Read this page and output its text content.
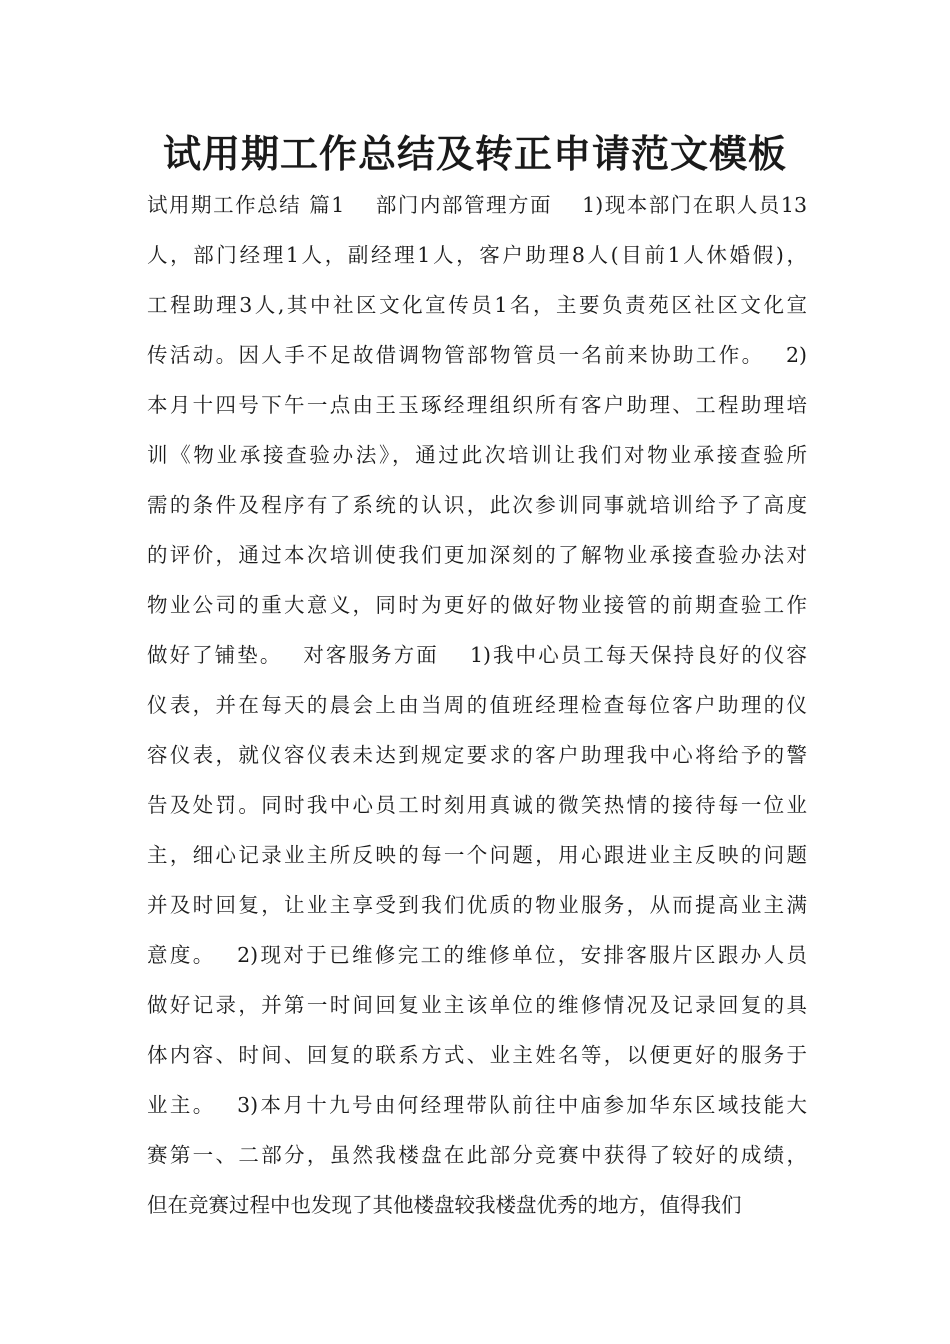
试用期工作总结及转正申请范文模板
试用期工作总结 篇1　 部门内部管理方面　 1)现本部门在职人员13
人，部门经理1人，副经理1人，客户助理8人(目前1人休婚假)，
工程助理3人,其中社区文化宣传员1名，主要负责苑区社区文化宣
传活动。因人手不足故借调物管部物管员一名前来协助工作。　 2)
本月十四号下午一点由王玉琢经理组织所有客户助理、工程助理培
训《物业承接查验办法》，通过此次培训让我们对物业承接查验所
需的条件及程序有了系统的认识，此次参训同事就培训给予了高度
的评价，通过本次培训使我们更加深刻的了解物业承接查验办法对
物业公司的重大意义，同时为更好的做好物业接管的前期查验工作
做好了铺垫。　 对客服务方面　 1)我中心员工每天保持良好的仪容
仪表，并在每天的晨会上由当周的值班经理检查每位客户助理的仪
容仪表，就仪容仪表未达到规定要求的客户助理我中心将给予的警
告及处罚。同时我中心员工时刻用真诚的微笑热情的接待每一位业
主，细心记录业主所反映的每一个问题，用心跟进业主反映的问题
并及时回复，让业主享受到我们优质的物业服务，从而提高业主满
意度。　 2)现对于已维修完工的维修单位，安排客服片区跟办人员
做好记录，并第一时间回复业主该单位的维修情况及记录回复的具
体内容、时间、回复的联系方式、业主姓名等，以便更好的服务于
业主。　 3)本月十九号由何经理带队前往中庙参加华东区域技能大
赛第一、二部分，虽然我楼盘在此部分竞赛中获得了较好的成绩，
但在竞赛过程中也发现了其他楼盘较我楼盘优秀的地方，值得我们
